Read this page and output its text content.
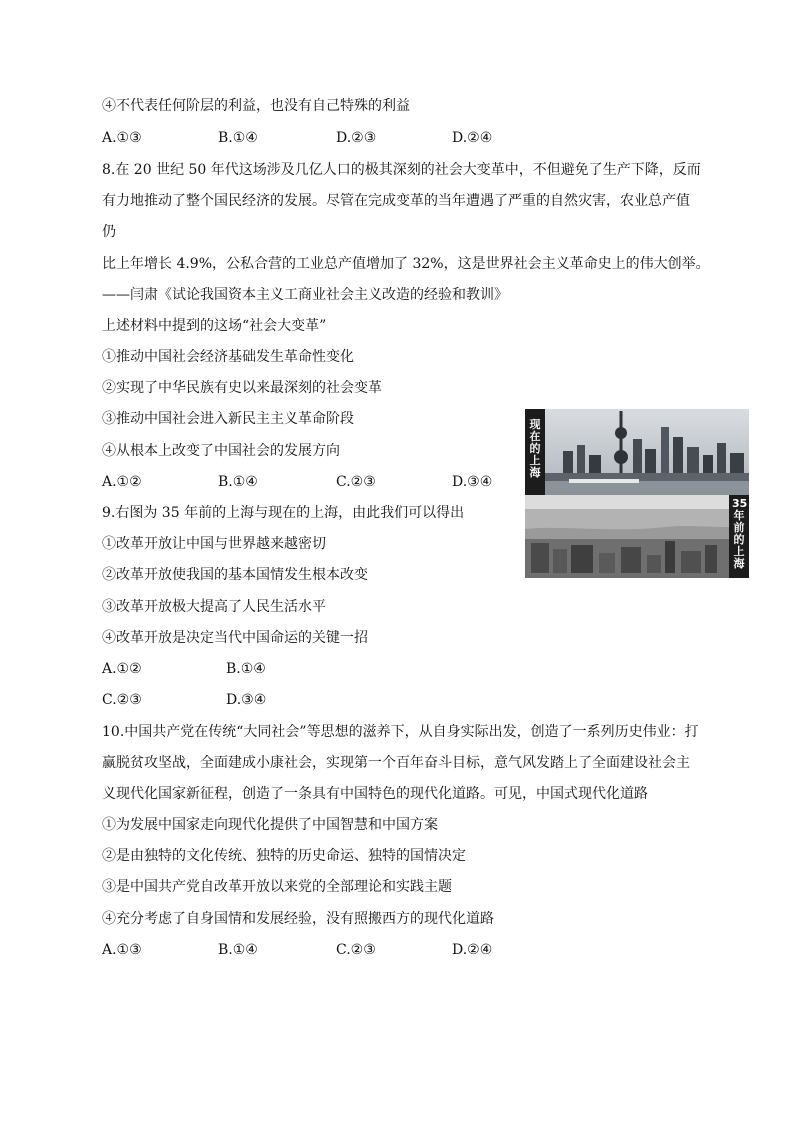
④不代表任何阶层的利益，也没有自己特殊的利益
A.①③	B.①④	D.②③	D.②④
8.在 20 世纪 50 年代这场涉及几亿人口的极其深刻的社会大变革中，不但避免了生产下降，反而
有力地推动了整个国民经济的发展。尽管在完成变革的当年遭遇了严重的自然灾害，农业总产值
仍
比上年增长 4.9%，公私合营的工业总产值增加了 32%，这是世界社会主义革命史上的伟大创举。
——闫肃《试论我国资本主义工商业社会主义改造的经验和教训》
上述材料中提到的这场“社会大变革”
①推动中国社会经济基础发生革命性变化
②实现了中华民族有史以来最深刻的社会变革
③推动中国社会进入新民主主义革命阶段
④从根本上改变了中国社会的发展方向
A.①②	B.①④	C.②③	D.③④
现在的上海
9.右图为 35 年前的上海与现在的上海，由此我们可以得出
①改革开放让中国与世界越来越密切
②改革开放使我国的基本国情发生根本改变
③改革开放极大提高了人民生活水平
④改革开放是决定当代中国命运的关键一招
A.①②	B.①④
C.②③	D.③④
35年前的上海
10.中国共产党在传统“大同社会”等思想的滋养下，从自身实际出发，创造了一系列历史伟业：打
赢脱贫攻坚战，全面建成小康社会，实现第一个百年奋斗目标，意气风发踏上了全面建设社会主
义现代化国家新征程，创造了一条具有中国特色的现代化道路。可见，中国式现代化道路
①为发展中国家走向现代化提供了中国智慧和中国方案
②是由独特的文化传统、独特的历史命运、独特的国情决定
③是中国共产党自改革开放以来党的全部理论和实践主题
④充分考虑了自身国情和发展经验，没有照搬西方的现代化道路
A.①③	B.①④	C.②③	D.②④
